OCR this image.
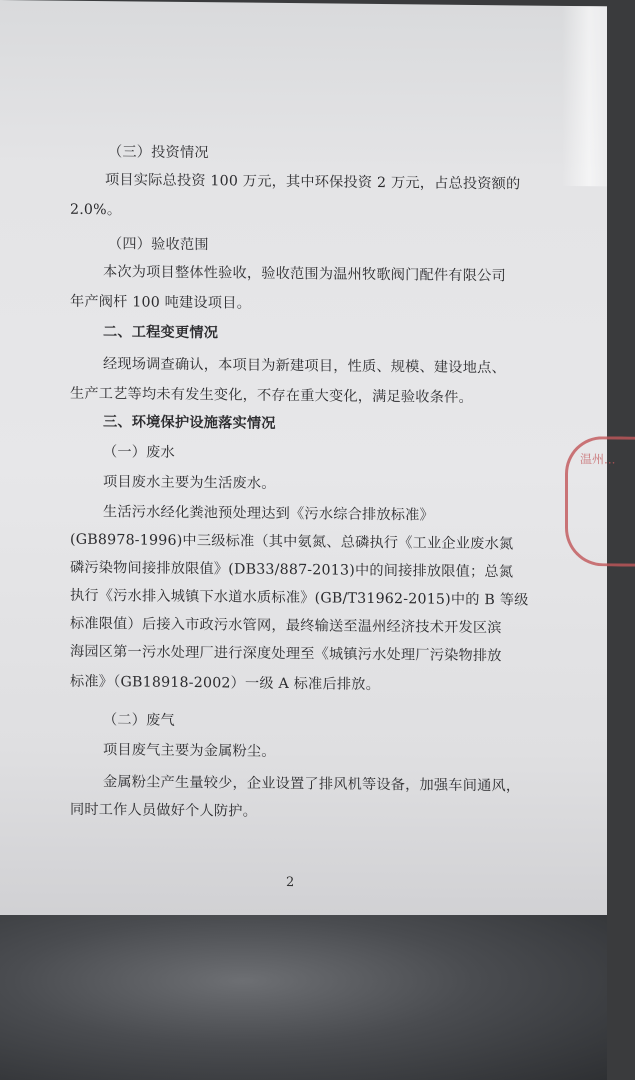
（三）投资情况
项目实际总投资 100 万元，其中环保投资 2 万元，占总投资额的
2.0%。
（四）验收范围
本次为项目整体性验收，验收范围为温州牧歌阀门配件有限公司
年产阀杆 100 吨建设项目。
二、工程变更情况
经现场调查确认，本项目为新建项目，性质、规模、建设地点、
生产工艺等均未有发生变化，不存在重大变化，满足验收条件。
三、环境保护设施落实情况
（一）废水
项目废水主要为生活废水。
生活污水经化粪池预处理达到《污水综合排放标准》
(GB8978-1996)中三级标准（其中氨氮、总磷执行《工业企业废水氮
磷污染物间接排放限值》(DB33/887-2013)中的间接排放限值；总氮
执行《污水排入城镇下水道水质标准》(GB/T31962-2015)中的 B 等级
标准限值）后接入市政污水管网，最终输送至温州经济技术开发区滨
海园区第一污水处理厂进行深度处理至《城镇污水处理厂污染物排放
标准》（GB18918-2002）一级 A 标准后排放。
（二）废气
项目废气主要为金属粉尘。
金属粉尘产生量较少，企业设置了排风机等设备，加强车间通风，
同时工作人员做好个人防护。
2
温州...
